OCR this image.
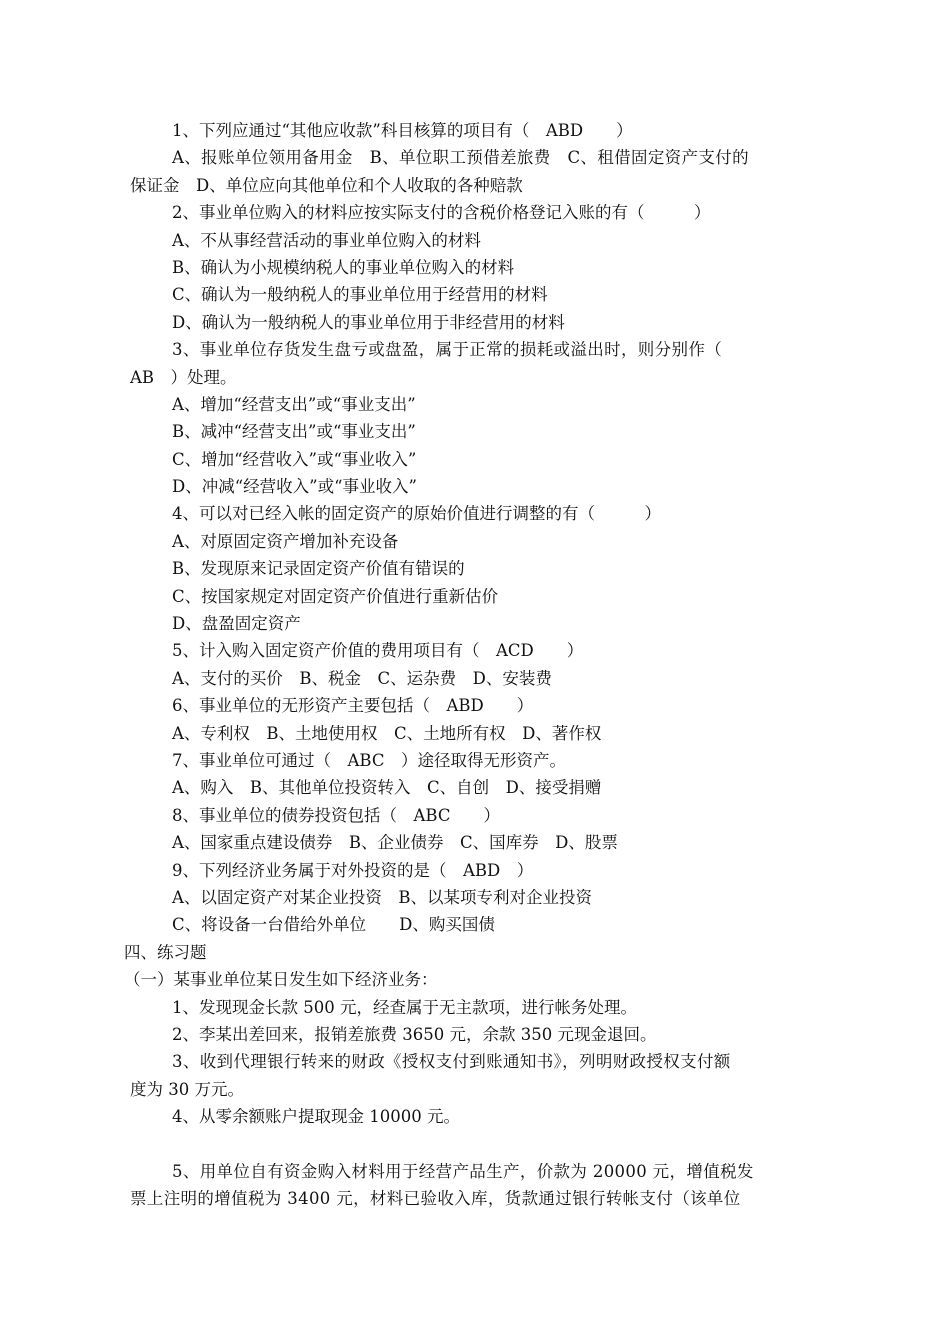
1、下列应通过“其他应收款”科目核算的项目有（　ABD　　）
A、报账单位领用备用金　B、单位职工预借差旅费　C、租借固定资产支付的
保证金　D、单位应向其他单位和个人收取的各种赔款
2、事业单位购入的材料应按实际支付的含税价格登记入账的有（　　　）
A、不从事经营活动的事业单位购入的材料
B、确认为小规模纳税人的事业单位购入的材料
C、确认为一般纳税人的事业单位用于经营用的材料
D、确认为一般纳税人的事业单位用于非经营用的材料
3、事业单位存货发生盘亏或盘盈，属于正常的损耗或溢出时，则分别作（
AB　）处理。
A、增加“经营支出”或“事业支出”
B、减冲“经营支出”或“事业支出”
C、增加“经营收入”或“事业收入”
D、冲减“经营收入”或“事业收入”
4、可以对已经入帐的固定资产的原始价值进行调整的有（　　　）
A、对原固定资产增加补充设备
B、发现原来记录固定资产价值有错误的
C、按国家规定对固定资产价值进行重新估价
D、盘盈固定资产
5、计入购入固定资产价值的费用项目有（　ACD　　）
A、支付的买价　B、税金　C、运杂费　D、安装费
6、事业单位的无形资产主要包括（　ABD　　）
A、专利权　B、土地使用权　C、土地所有权　D、著作权
7、事业单位可通过（　ABC　）途径取得无形资产。
A、购入　B、其他单位投资转入　C、自创　D、接受捐赠
8、事业单位的债券投资包括（　ABC　　）
A、国家重点建设债券　B、企业债券　C、国库券　D、股票
9、下列经济业务属于对外投资的是（　ABD　）
A、以固定资产对某企业投资　B、以某项专利对企业投资
C、将设备一台借给外单位　　D、购买国债
四、练习题
（一）某事业单位某日发生如下经济业务：
1、发现现金长款 500 元，经查属于无主款项，进行帐务处理。
2、李某出差回来，报销差旅费 3650 元，余款 350 元现金退回。
3、收到代理银行转来的财政《授权支付到账通知书》，列明财政授权支付额
度为 30 万元。
4、从零余额账户提取现金 10000 元。
5、用单位自有资金购入材料用于经营产品生产，价款为 20000 元，增值税发
票上注明的增值税为 3400 元，材料已验收入库，货款通过银行转帐支付（该单位
